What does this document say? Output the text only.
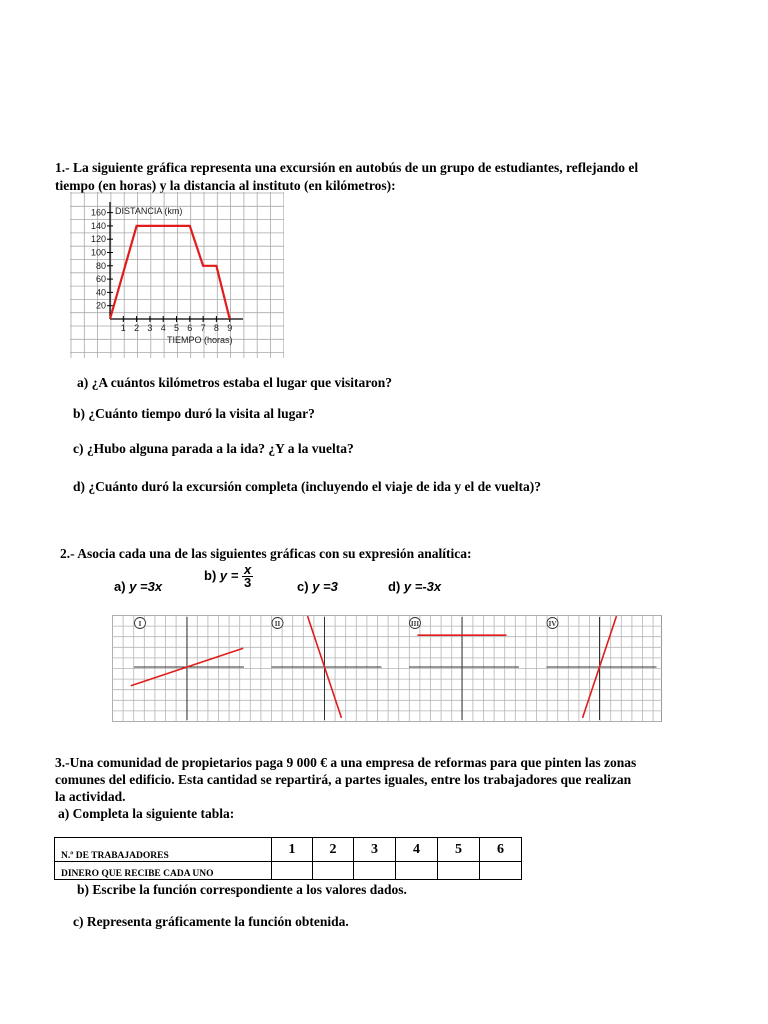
1.- La siguiente gráfica representa una excursión en autobús de un grupo de estudiantes, reflejando el
tiempo (en horas) y la distancia al instituto (en kilómetros):
20
40
60
80
100
120
140
160
1 2 3 4 5 6 7 8 9
DISTANCIA (km)
TIEMPO (horas)
a) ¿A cuántos kilómetros estaba el lugar que visitaron?
b) ¿Cuánto tiempo duró la visita al lugar?
c) ¿Hubo alguna parada a la ida? ¿Y a la vuelta?
d) ¿Cuánto duró la excursión completa (incluyendo el viaje de ida y el de vuelta)?
2.- Asocia cada una de las siguientes gráficas con su expresión analítica:
a) y =3x
b) $y = \frac{x}{3}$	c) y =3	d) y =-3x
I	II	III	IV
3.-Una comunidad de propietarios paga 9 000 € a una empresa de reformas para que pinten las zonas
comunes del edificio. Esta cantidad se repartirá, a partes iguales, entre los trabajadores que realizan
la actividad.
a) Completa la siguiente tabla:
N.º DE TRABAJADORES	1	2	3	4	5	6
DINERO QUE RECIBE CADA UNO						
b) Escribe la función correspondiente a los valores dados.
c) Representa gráficamente la función obtenida.
